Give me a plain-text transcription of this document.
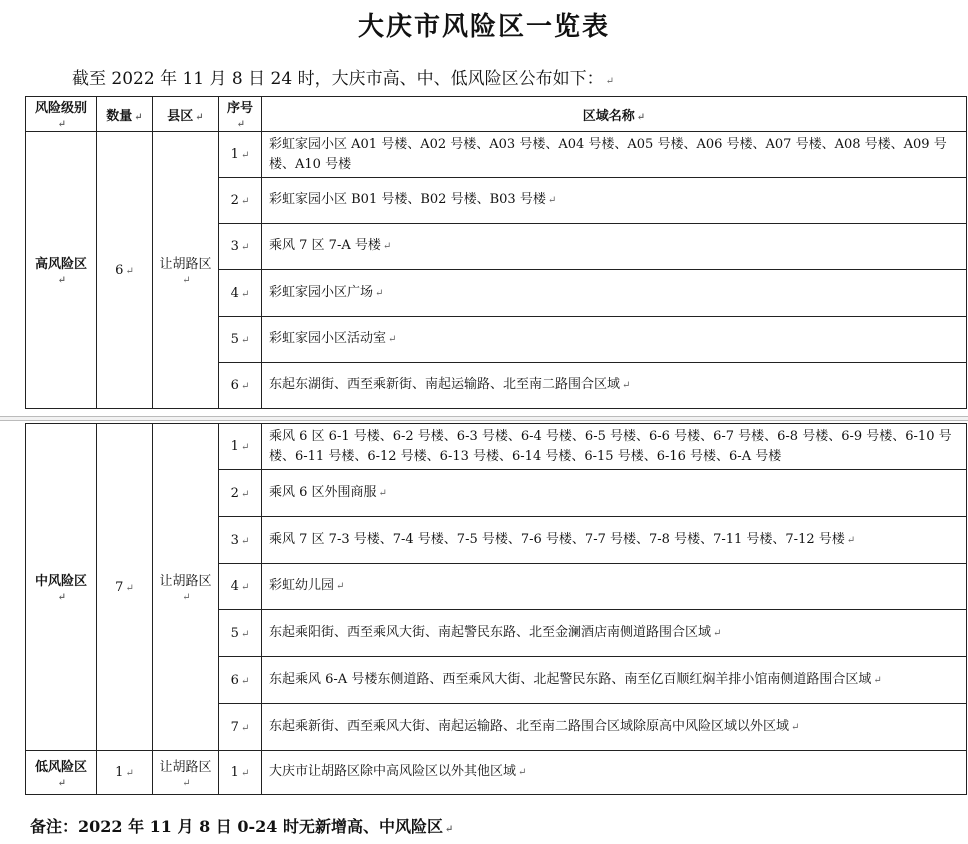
大庆市风险区一览表
截至 2022 年 11 月 8 日 24 时，大庆市高、中、低风险区公布如下： ↵
风险级别↵	数量 ↵	县区 ↵	序号↵	区域名称 ↵
高风险区↵	6 ↵	让胡路区↵	1 ↵	彩虹家园小区 A01 号楼、A02 号楼、A03 号楼、A04 号楼、A05 号楼、A06 号楼、A07 号楼、A08 号楼、A09 号楼、A10 号楼
			2 ↵	彩虹家园小区 B01 号楼、B02 号楼、B03 号楼 ↵
			3 ↵	乘风 7 区 7-A 号楼 ↵
			4 ↵	彩虹家园小区广场 ↵
			5 ↵	彩虹家园小区活动室 ↵
			6 ↵	东起东湖街、西至乘新街、南起运输路、北至南二路围合区域 ↵
中风险区↵	7 ↵	让胡路区↵	1 ↵	乘风 6 区 6-1 号楼、6-2 号楼、6-3 号楼、6-4 号楼、6-5 号楼、6-6 号楼、6-7 号楼、6-8 号楼、6-9 号楼、6-10 号楼、6-11 号楼、6-12 号楼、6-13 号楼、6-14 号楼、6-15 号楼、6-16 号楼、6-A 号楼
			2 ↵	乘风 6 区外围商服 ↵
			3 ↵	乘风 7 区 7-3 号楼、7-4 号楼、7-5 号楼、7-6 号楼、7-7 号楼、7-8 号楼、7-11 号楼、7-12 号楼 ↵
			4 ↵	彩虹幼儿园 ↵
			5 ↵	东起乘阳街、西至乘风大街、南起警民东路、北至金澜酒店南侧道路围合区域 ↵
			6 ↵	东起乘风 6-A 号楼东侧道路、西至乘风大街、北起警民东路、南至亿百顺红焖羊排小馆南侧道路围合区域 ↵
			7 ↵	东起乘新街、西至乘风大街、南起运输路、北至南二路围合区域除原高中风险区域以外区域 ↵
低风险区↵	1 ↵	让胡路区↵	1 ↵	大庆市让胡路区除中高风险区以外其他区域 ↵
备注：2022 年 11 月 8 日 0-24 时无新增高、中风险区 ↵
